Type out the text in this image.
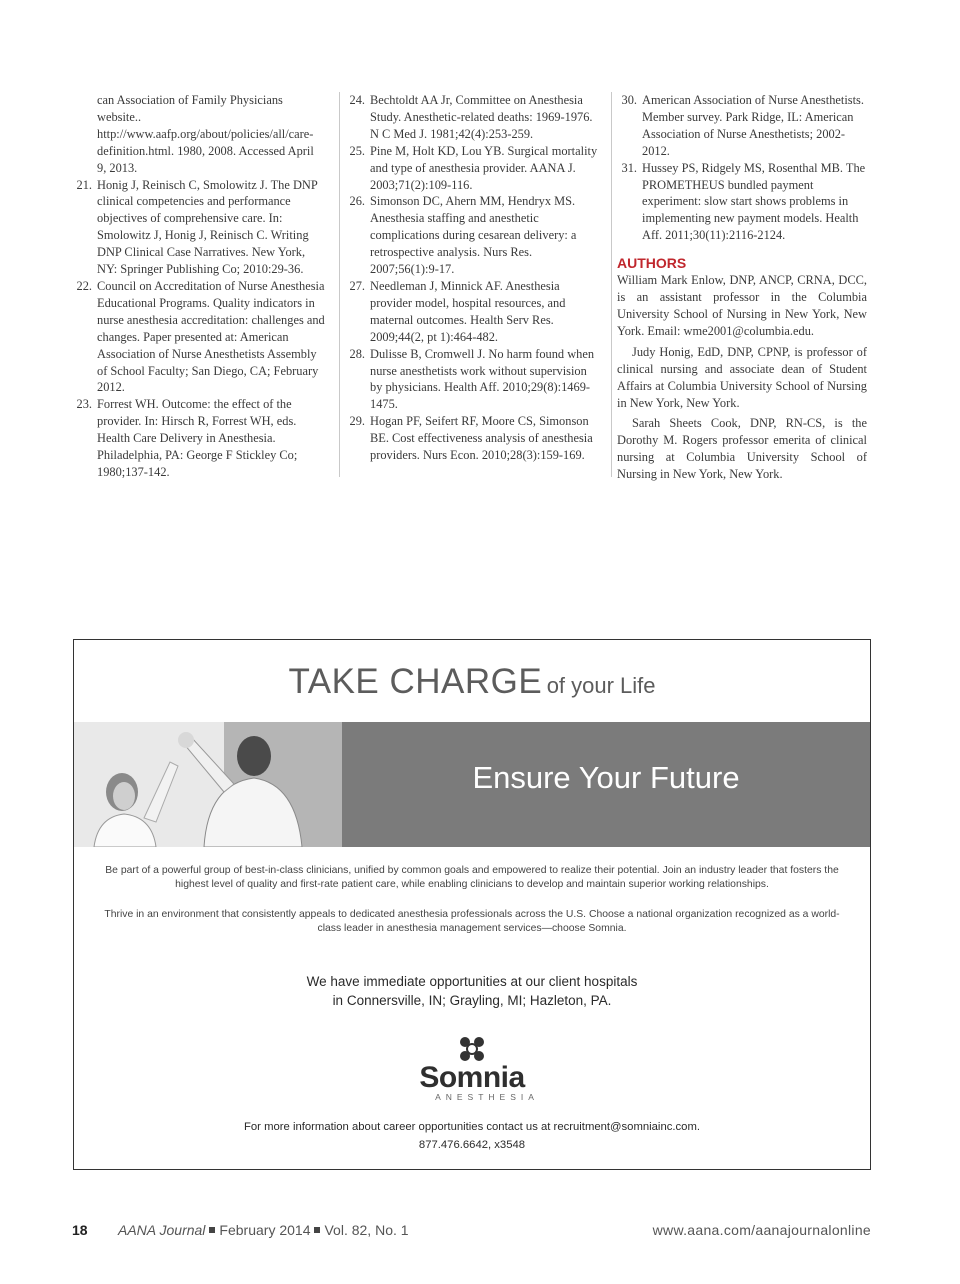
can Association of Family Physicians website.. http://www.aafp.org/about/policies/all/care-definition.html. 1980, 2008. Accessed April 9, 2013.
21. Honig J, Reinisch C, Smolowitz J. The DNP clinical competencies and performance objectives of comprehensive care. In: Smolowitz J, Honig J, Reinisch C. Writing DNP Clinical Case Narratives. New York, NY: Springer Publishing Co; 2010:29-36.
22. Council on Accreditation of Nurse Anesthesia Educational Programs. Quality indicators in nurse anesthesia accreditation: challenges and changes. Paper presented at: American Association of Nurse Anesthetists Assembly of School Faculty; San Diego, CA; February 2012.
23. Forrest WH. Outcome: the effect of the provider. In: Hirsch R, Forrest WH, eds. Health Care Delivery in Anesthesia. Philadelphia, PA: George F Stickley Co; 1980;137-142.
24. Bechtoldt AA Jr, Committee on Anesthesia Study. Anesthetic-related deaths: 1969-1976. N C Med J. 1981;42(4):253-259.
25. Pine M, Holt KD, Lou YB. Surgical mortality and type of anesthesia provider. AANA J. 2003;71(2):109-116.
26. Simonson DC, Ahern MM, Hendryx MS. Anesthesia staffing and anesthetic complications during cesarean delivery: a retrospective analysis. Nurs Res. 2007;56(1):9-17.
27. Needleman J, Minnick AF. Anesthesia provider model, hospital resources, and maternal outcomes. Health Serv Res. 2009;44(2, pt 1):464-482.
28. Dulisse B, Cromwell J. No harm found when nurse anesthetists work without supervision by physicians. Health Aff. 2010;29(8):1469-1475.
29. Hogan PF, Seifert RF, Moore CS, Simonson BE. Cost effectiveness analysis of anesthesia providers. Nurs Econ. 2010;28(3):159-169.
30. American Association of Nurse Anesthetists. Member survey. Park Ridge, IL: American Association of Nurse Anesthetists; 2002-2012.
31. Hussey PS, Ridgely MS, Rosenthal MB. The PROMETHEUS bundled payment experiment: slow start shows problems in implementing new payment models. Health Aff. 2011;30(11):2116-2124.
AUTHORS

William Mark Enlow, DNP, ANCP, CRNA, DCC, is an assistant professor in the Columbia University School of Nursing in New York, New York. Email: wme2001@columbia.edu.

Judy Honig, EdD, DNP, CPNP, is professor of clinical nursing and associate dean of Student Affairs at Columbia University School of Nursing in New York, New York.

Sarah Sheets Cook, DNP, RN-CS, is the Dorothy M. Rogers professor emerita of clinical nursing at Columbia University School of Nursing in New York, New York.

TAKE CHARGE of your Life
Ensure Your Future
Be part of a powerful group of best-in-class clinicians, unified by common goals and empowered to realize their potential. Join an industry leader that fosters the highest level of quality and first-rate patient care, while enabling clinicians to develop and maintain superior working relationships.
Thrive in an environment that consistently appeals to dedicated anesthesia professionals across the U.S. Choose a national organization recognized as a world-class leader in anesthesia management services—choose Somnia.
We have immediate opportunities at our client hospitals
in Connersville, IN; Grayling, MI; Hazleton, PA.
Somnia
ANESTHESIA
For more information about career opportunities contact us at recruitment@somniainc.com.
877.476.6642, x3548
18 AANA Journal February 2014 Vol. 82, No. 1	www.aana.com/aanajournalonline
